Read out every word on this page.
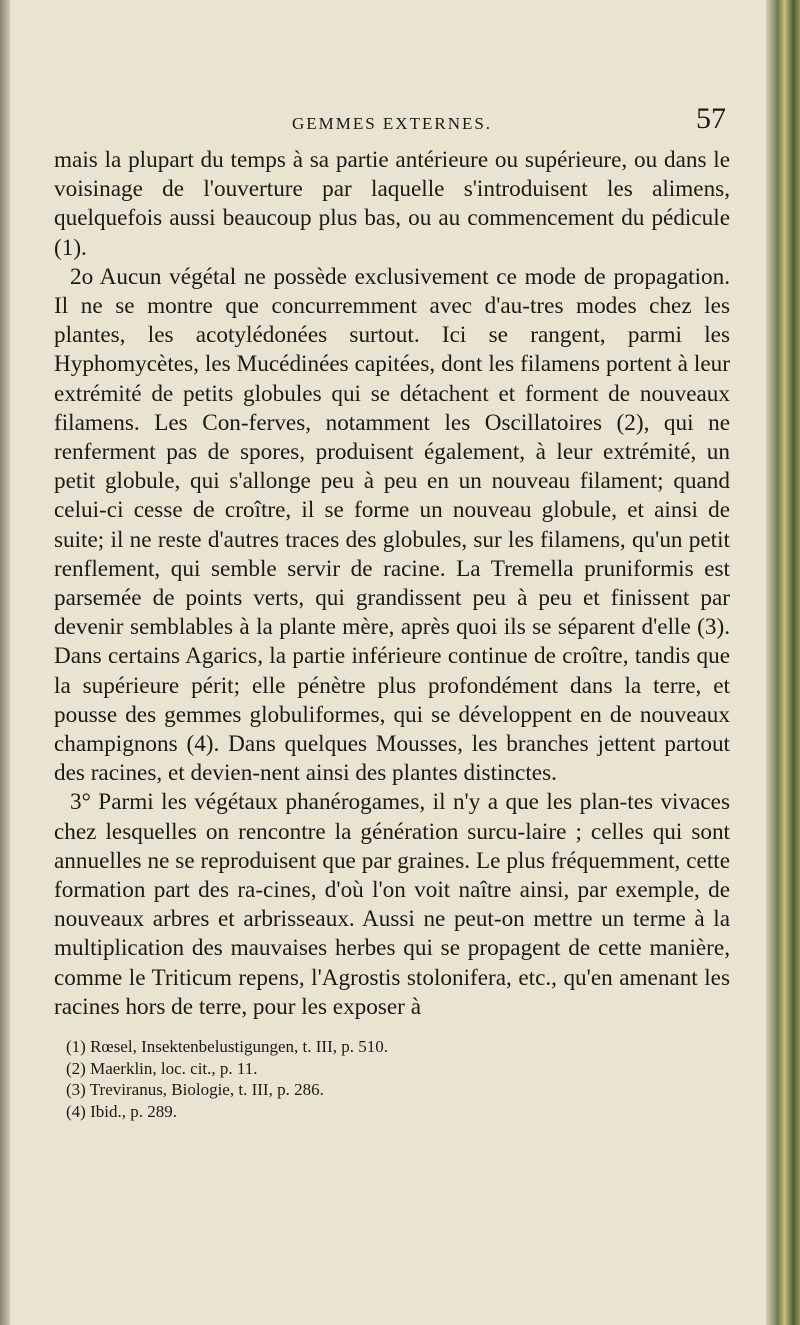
GEMMES EXTERNES.	57

mais la plupart du temps à sa partie antérieure ou supérieure, ou dans le voisinage de l'ouverture par laquelle s'introduisent les alimens, quelquefois aussi beaucoup plus bas, ou au commencement du pédicule (1).

2o Aucun végétal ne possède exclusivement ce mode de propagation. Il ne se montre que concurremment avec d'au-tres modes chez les plantes, les acotylédonées surtout. Ici se rangent, parmi les Hyphomycètes, les Mucédinées capitées, dont les filamens portent à leur extrémité de petits globules qui se détachent et forment de nouveaux filamens. Les Con-ferves, notamment les Oscillatoires (2), qui ne renferment pas de spores, produisent également, à leur extrémité, un petit globule, qui s'allonge peu à peu en un nouveau filament; quand celui-ci cesse de croître, il se forme un nouveau globule, et ainsi de suite; il ne reste d'autres traces des globules, sur les filamens, qu'un petit renflement, qui semble servir de racine. La Tremella pruniformis est parsemée de points verts, qui grandissent peu à peu et finissent par devenir semblables à la plante mère, après quoi ils se séparent d'elle (3). Dans certains Agarics, la partie inférieure continue de croître, tandis que la supérieure périt; elle pénètre plus profondément dans la terre, et pousse des gemmes globuliformes, qui se développent en de nouveaux champignons (4). Dans quelques Mousses, les branches jettent partout des racines, et devien-nent ainsi des plantes distinctes.

3° Parmi les végétaux phanérogames, il n'y a que les plan-tes vivaces chez lesquelles on rencontre la génération surcu-laire ; celles qui sont annuelles ne se reproduisent que par graines. Le plus fréquemment, cette formation part des ra-cines, d'où l'on voit naître ainsi, par exemple, de nouveaux arbres et arbrisseaux. Aussi ne peut-on mettre un terme à la multiplication des mauvaises herbes qui se propagent de cette manière, comme le Triticum repens, l'Agrostis stolonifera, etc., qu'en amenant les racines hors de terre, pour les exposer à

(1) Rœsel, Insektenbelustigungen, t. III, p. 510.
(2) Maerklin, loc. cit., p. 11.
(3) Treviranus, Biologie, t. III, p. 286.
(4) Ibid., p. 289.
